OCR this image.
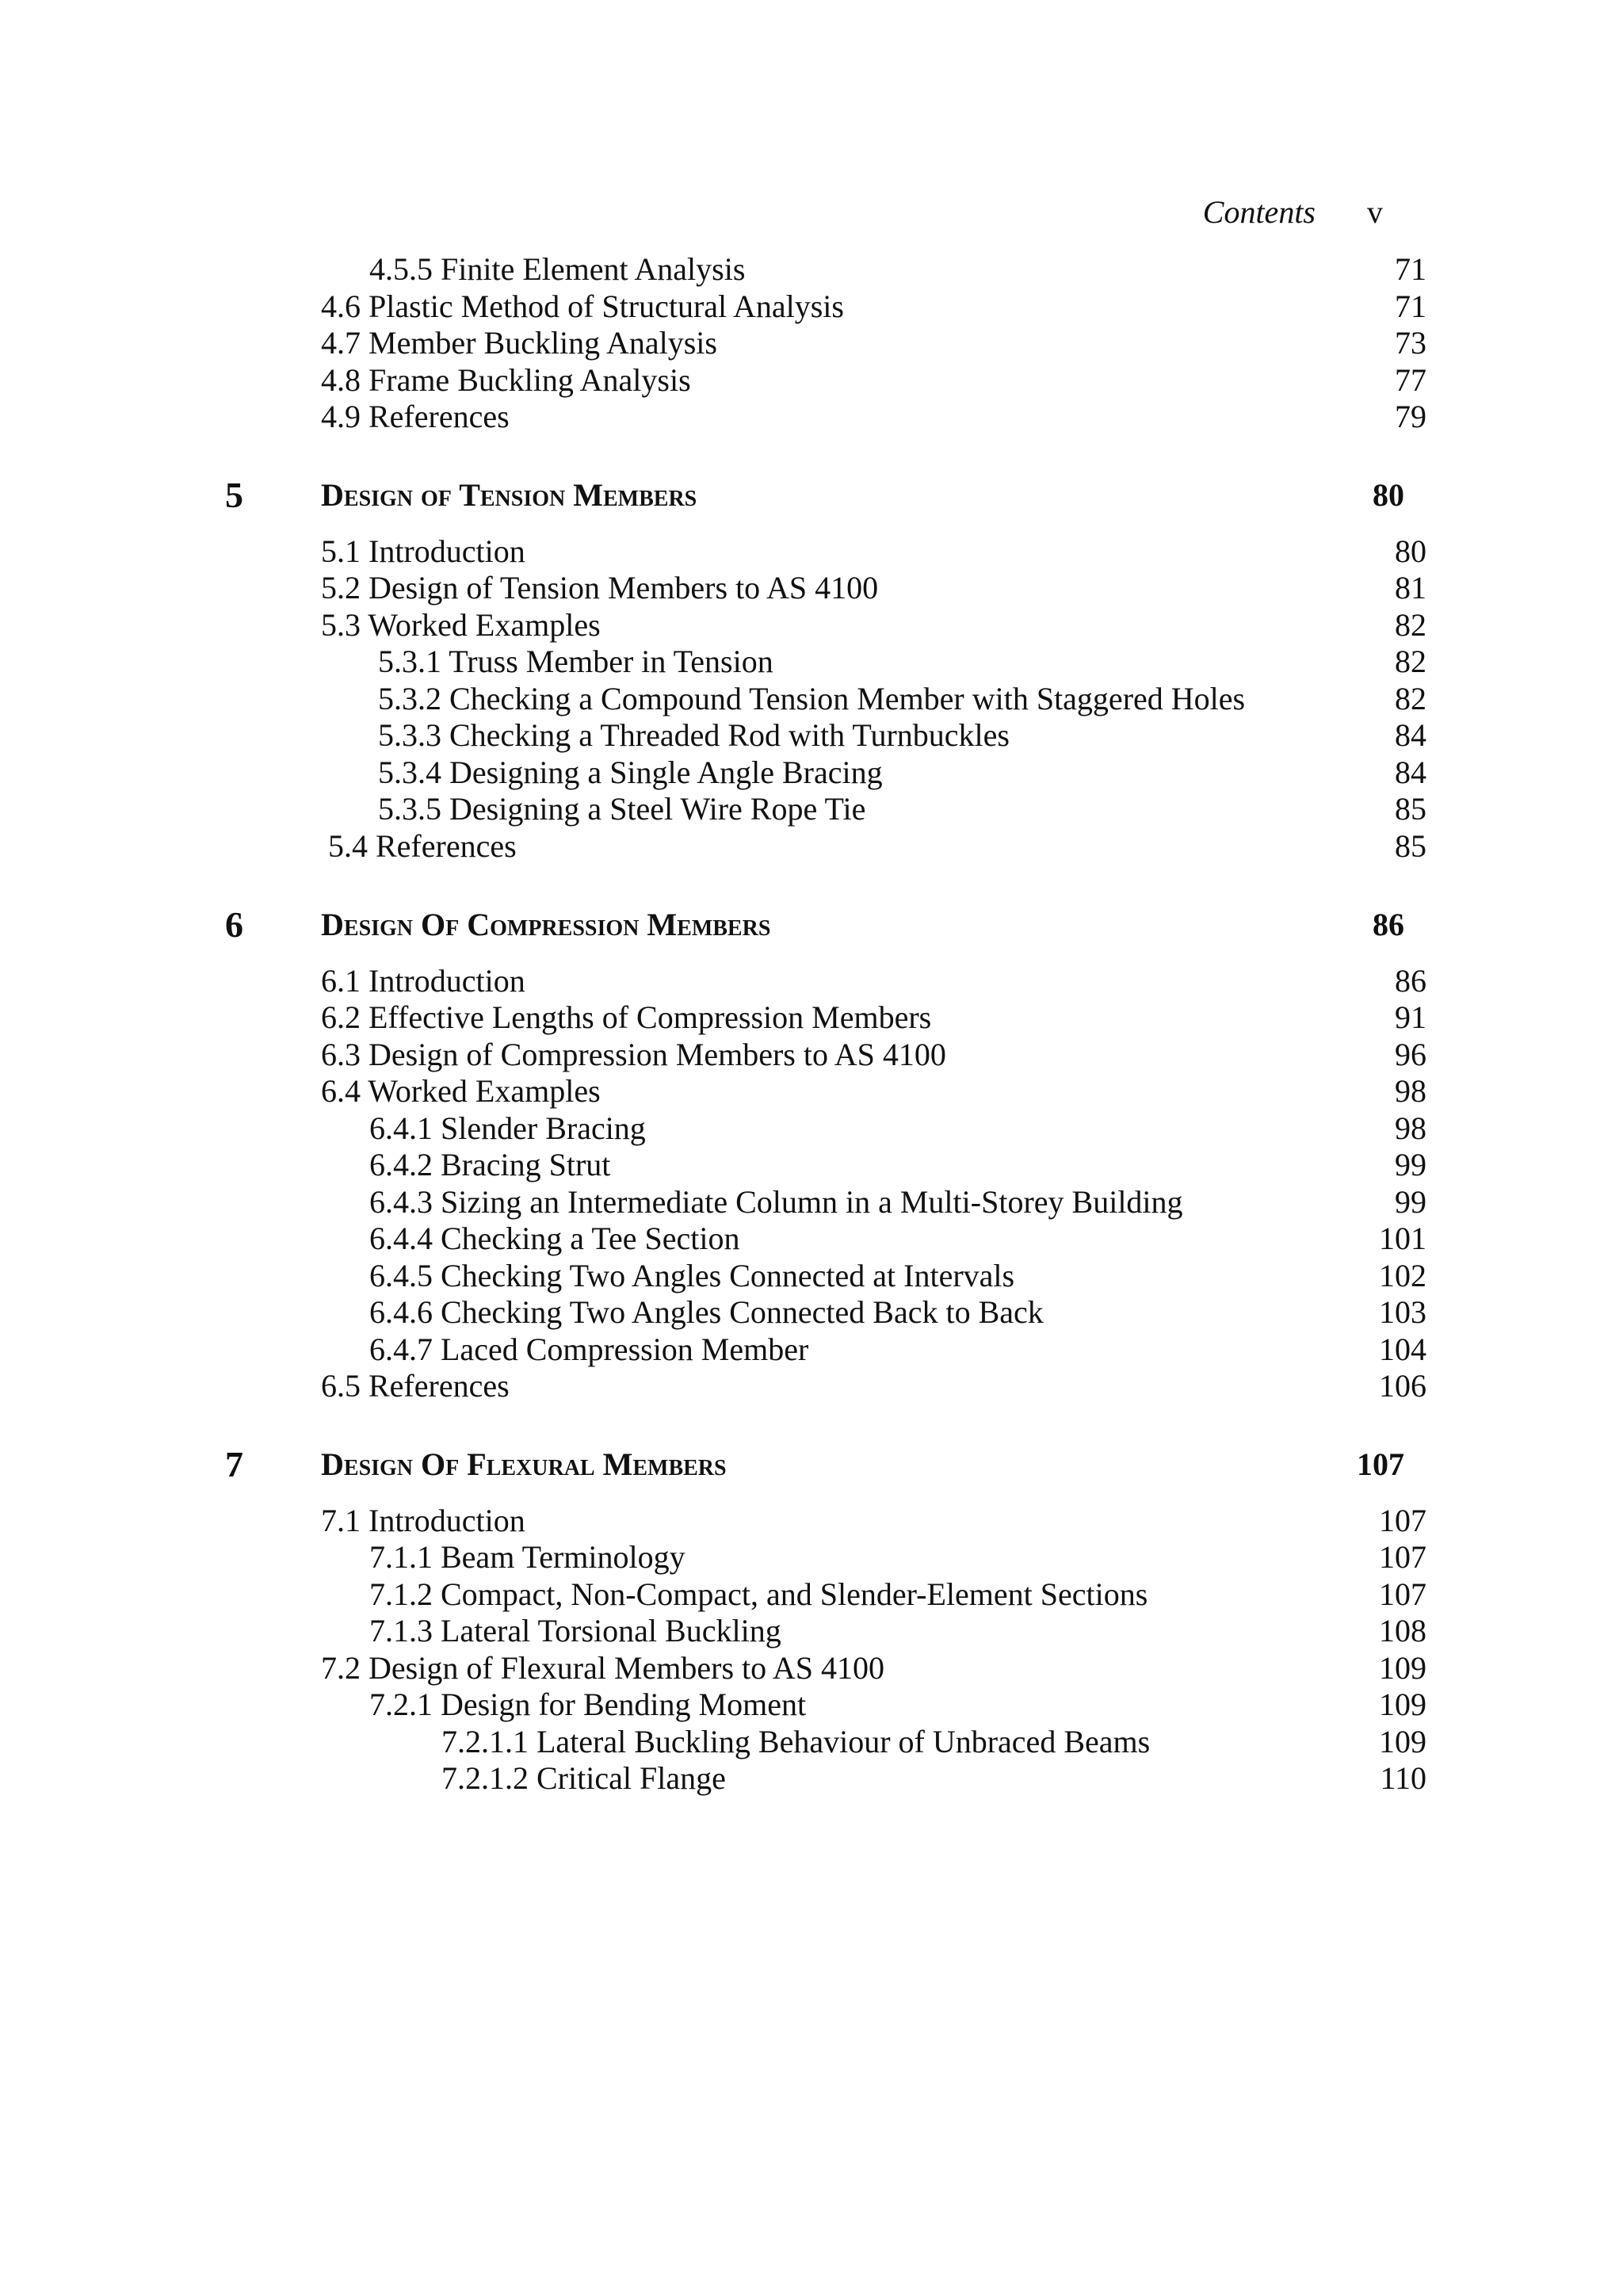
Contents	v
4.5.5 Finite Element Analysis	71
4.6 Plastic Method of Structural Analysis	71
4.7 Member Buckling Analysis	73
4.8 Frame Buckling Analysis	77
4.9 References	79
5 Design of Tension Members	80
5.1 Introduction	80
5.2 Design of Tension Members to AS 4100	81
5.3 Worked Examples	82
5.3.1 Truss Member in Tension	82
5.3.2 Checking a Compound Tension Member with Staggered Holes	82
5.3.3 Checking a Threaded Rod with Turnbuckles	84
5.3.4 Designing a Single Angle Bracing	84
5.3.5 Designing a Steel Wire Rope Tie	85
5.4 References	85
6 Design Of Compression Members	86
6.1 Introduction	86
6.2 Effective Lengths of Compression Members	91
6.3 Design of Compression Members to AS 4100	96
6.4 Worked Examples	98
6.4.1 Slender Bracing	98
6.4.2 Bracing Strut	99
6.4.3 Sizing an Intermediate Column in a Multi-Storey Building	99
6.4.4 Checking a Tee Section	101
6.4.5 Checking Two Angles Connected at Intervals	102
6.4.6 Checking Two Angles Connected Back to Back	103
6.4.7 Laced Compression Member	104
6.5 References	106
7 Design Of Flexural Members	107
7.1 Introduction	107
7.1.1 Beam Terminology	107
7.1.2 Compact, Non-Compact, and Slender-Element Sections	107
7.1.3 Lateral Torsional Buckling	108
7.2 Design of Flexural Members to AS 4100	109
7.2.1 Design for Bending Moment	109
7.2.1.1 Lateral Buckling Behaviour of Unbraced Beams	109
7.2.1.2 Critical Flange	110
